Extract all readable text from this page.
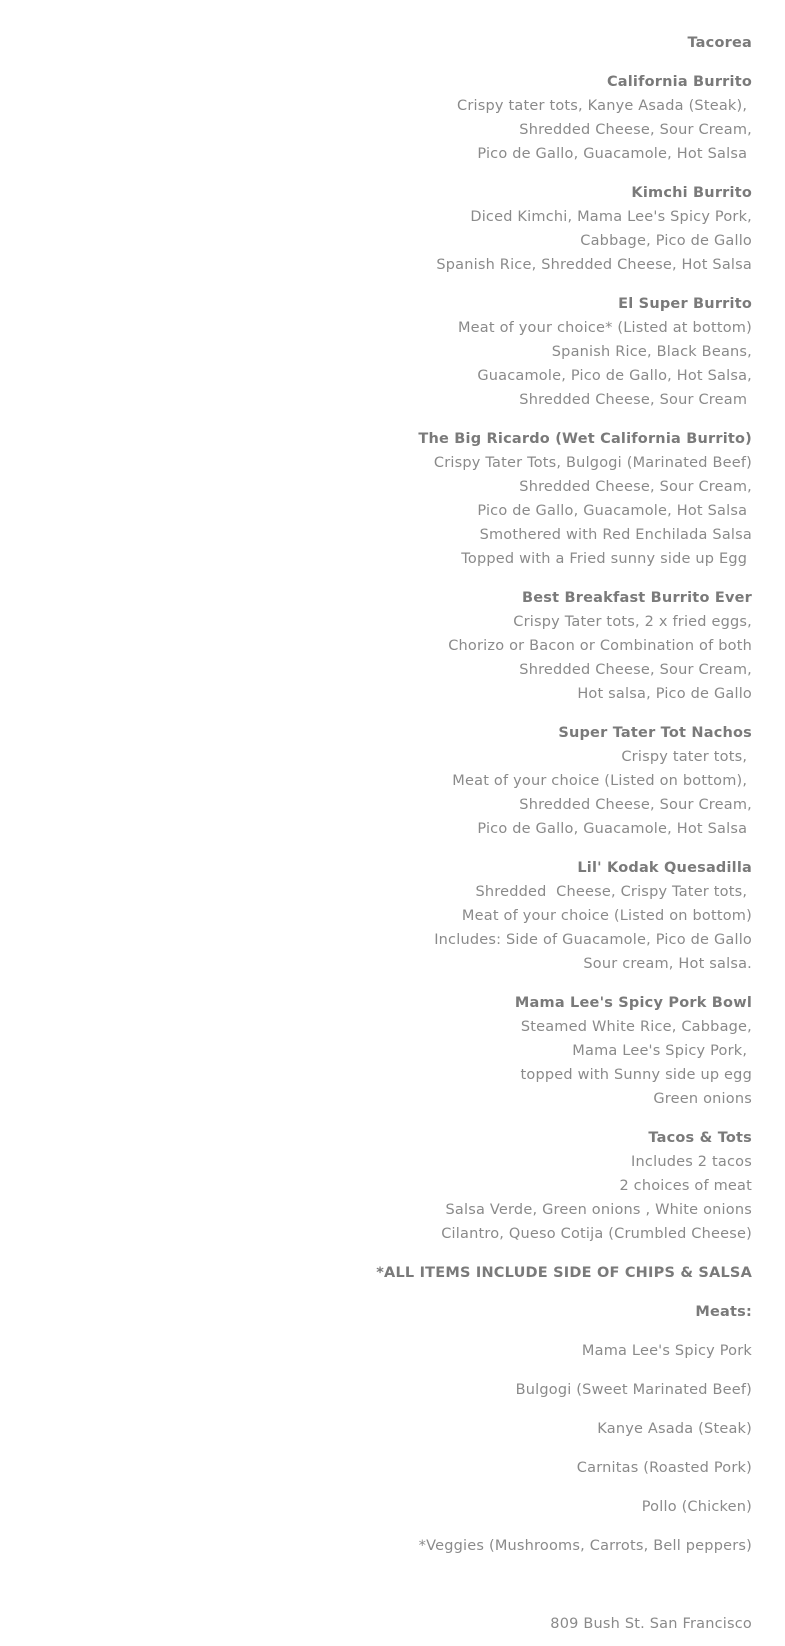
Tacorea
California Burrito
Crispy tater tots, Kanye Asada (Steak),
Shredded Cheese, Sour Cream,
Pico de Gallo, Guacamole, Hot Salsa
Kimchi Burrito
Diced Kimchi, Mama Lee's Spicy Pork,
Cabbage, Pico de Gallo
Spanish Rice, Shredded Cheese, Hot Salsa
El Super Burrito
Meat of your choice* (Listed at bottom)
Spanish Rice, Black Beans,
Guacamole, Pico de Gallo, Hot Salsa,
Shredded Cheese, Sour Cream
The Big Ricardo (Wet California Burrito)
Crispy Tater Tots, Bulgogi (Marinated Beef)
Shredded Cheese, Sour Cream,
Pico de Gallo, Guacamole, Hot Salsa
Smothered with Red Enchilada Salsa
Topped with a Fried sunny side up Egg
Best Breakfast Burrito Ever
Crispy Tater tots, 2 x fried eggs,
Chorizo or Bacon or Combination of both
Shredded Cheese, Sour Cream,
Hot salsa, Pico de Gallo
Super Tater Tot Nachos
Crispy tater tots,
Meat of your choice (Listed on bottom),
Shredded Cheese, Sour Cream,
Pico de Gallo, Guacamole, Hot Salsa
Lil' Kodak Quesadilla
Shredded  Cheese, Crispy Tater tots,
Meat of your choice (Listed on bottom)
Includes: Side of Guacamole, Pico de Gallo
Sour cream, Hot salsa.
Mama Lee's Spicy Pork Bowl
Steamed White Rice, Cabbage,
Mama Lee's Spicy Pork,
topped with Sunny side up egg
Green onions
Tacos & Tots
Includes 2 tacos
2 choices of meat
Salsa Verde, Green onions , White onions
Cilantro, Queso Cotija (Crumbled Cheese)
*ALL ITEMS INCLUDE SIDE OF CHIPS & SALSA
Meats:
Mama Lee's Spicy Pork
Bulgogi (Sweet Marinated Beef)
Kanye Asada (Steak)
Carnitas (Roasted Pork)
Pollo (Chicken)
*Veggies (Mushrooms, Carrots, Bell peppers)
809 Bush St. San Francisco
